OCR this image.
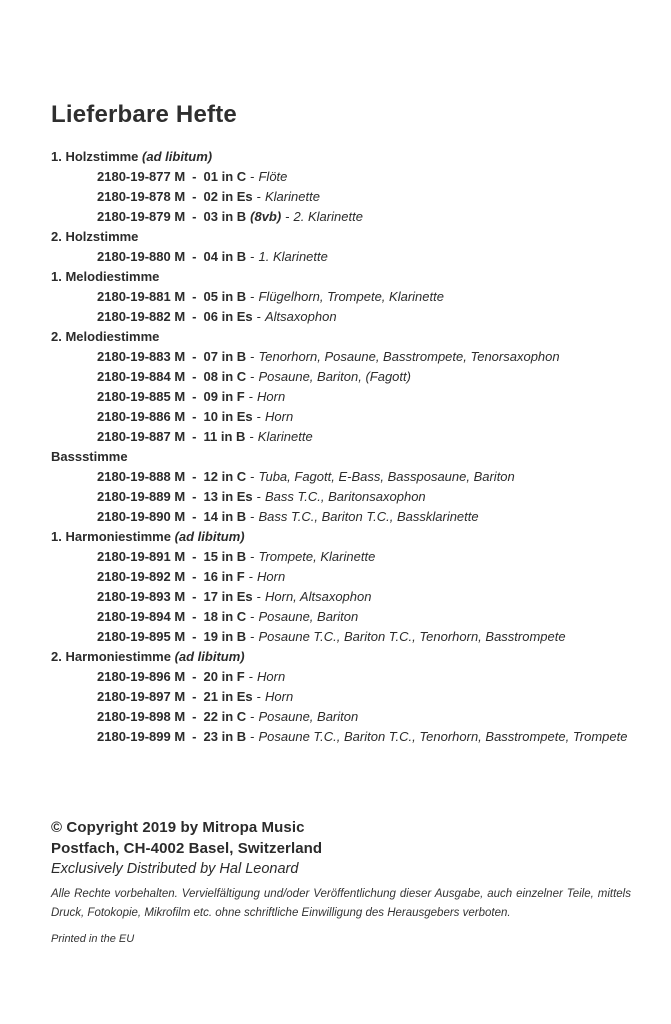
Lieferbare Hefte
1. Holzstimme (ad libitum)
2180-19-877 M - 01 in C - Flöte
2180-19-878 M - 02 in Es - Klarinette
2180-19-879 M - 03 in B (8vb) - 2. Klarinette
2. Holzstimme
2180-19-880 M - 04 in B - 1. Klarinette
1. Melodiestimme
2180-19-881 M - 05 in B - Flügelhorn, Trompete, Klarinette
2180-19-882 M - 06 in Es - Altsaxophon
2. Melodiestimme
2180-19-883 M - 07 in B - Tenorhorn, Posaune, Basstrompete, Tenorsaxophon
2180-19-884 M - 08 in C - Posaune, Bariton, (Fagott)
2180-19-885 M - 09 in F - Horn
2180-19-886 M - 10 in Es - Horn
2180-19-887 M - 11 in B - Klarinette
Bassstimme
2180-19-888 M - 12 in C - Tuba, Fagott, E-Bass, Bassposaune, Bariton
2180-19-889 M - 13 in Es - Bass T.C., Baritonsaxophon
2180-19-890 M - 14 in B - Bass T.C., Bariton T.C., Bassklarinette
1. Harmoniestimme (ad libitum)
2180-19-891 M - 15 in B - Trompete, Klarinette
2180-19-892 M - 16 in F - Horn
2180-19-893 M - 17 in Es - Horn, Altsaxophon
2180-19-894 M - 18 in C - Posaune, Bariton
2180-19-895 M - 19 in B - Posaune T.C., Bariton T.C., Tenorhorn, Basstrompete
2. Harmoniestimme (ad libitum)
2180-19-896 M - 20 in F - Horn
2180-19-897 M - 21 in Es - Horn
2180-19-898 M - 22 in C - Posaune, Bariton
2180-19-899 M - 23 in B - Posaune T.C., Bariton T.C., Tenorhorn, Basstrompete, Trompete

© Copyright 2019 by Mitropa Music

Postfach, CH-4002 Basel, Switzerland

Exclusively Distributed by Hal Leonard

Alle Rechte vorbehalten. Vervielfältigung und/oder Veröffentlichung dieser Ausgabe, auch einzelner Teile, mittels Druck, Fotokopie, Mikrofilm etc. ohne schriftliche Einwilligung des Herausgebers verboten.

Printed in the EU
